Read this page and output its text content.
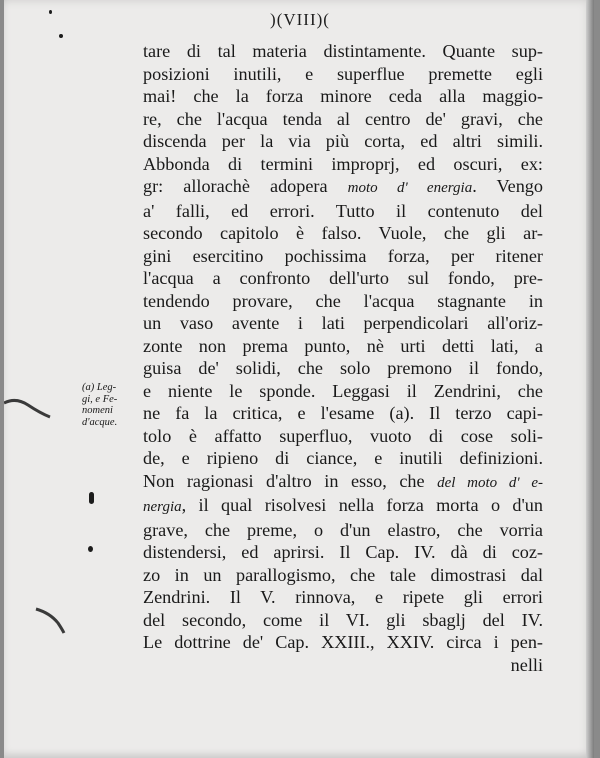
)(VIII)(
tare di tal materia distintamente. Quante sup-
posizioni inutili, e superflue premette egli
mai! che la forza minore ceda alla maggio-
re, che l'acqua tenda al centro de' gravi, che
discenda per la via più corta, ed altri simili.
Abbonda di termini improprj, ed oscuri, ex:
gr: allorachè adopera moto d' energia. Vengo
a' falli, ed errori. Tutto il contenuto del
secondo capitolo è falso. Vuole, che gli ar-
gini esercitino pochissima forza, per ritener
l'acqua a confronto dell'urto sul fondo, pre-
tendendo provare, che l'acqua stagnante in
un vaso avente i lati perpendicolari all'oriz-
zonte non prema punto, nè urti detti lati, a
guisa de' solidi, che solo premono il fondo,
e niente le sponde. Leggasi il Zendrini, che
ne fa la critica, e l'esame (a). Il terzo capi-
tolo è affatto superfluo, vuoto di cose soli-
de, e ripieno di ciance, e inutili definizioni.
Non ragionasi d'altro in esso, che del moto d' e-
nergia, il qual risolvesi nella forza morta o d'un
grave, che preme, o d'un elastro, che vorria
distendersi, ed aprirsi. Il Cap. IV. dà di coz-
zo in un parallogismo, che tale dimostrasi dal
Zendrini. Il V. rinnova, e ripete gli errori
del secondo, come il VI. gli sbaglj del IV.
Le dottrine de' Cap. XXIII., XXIV. circa i pen-
nelli
(a) Leg-
gi, e Fe-
nomeni
d'acque.
